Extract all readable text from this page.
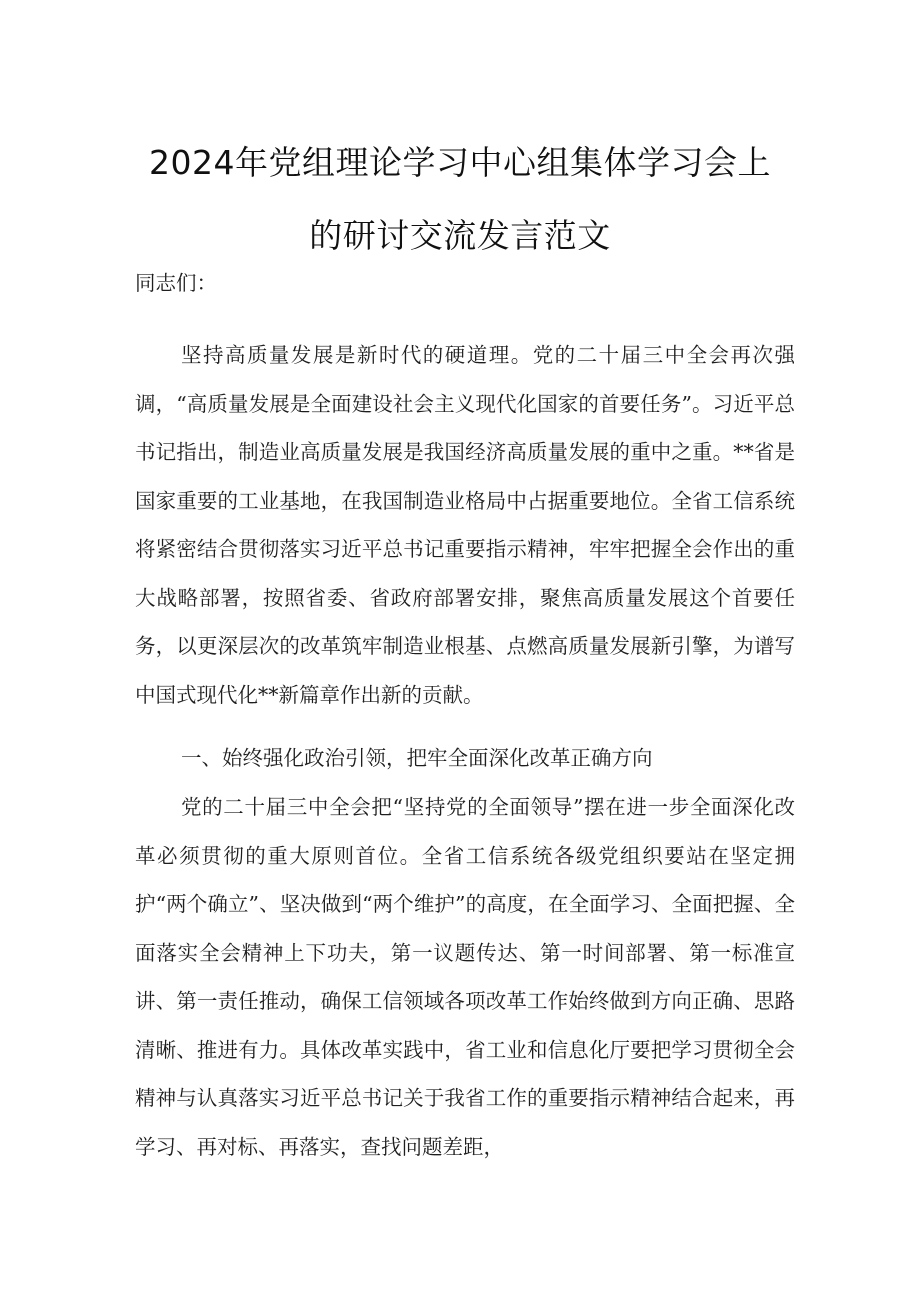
2024年党组理论学习中心组集体学习会上
的研讨交流发言范文
同志们：
坚持高质量发展是新时代的硬道理。党的二十届三中全会再次强调，“高质量发展是全面建设社会主义现代化国家的首要任务”。习近平总书记指出，制造业高质量发展是我国经济高质量发展的重中之重。**省是国家重要的工业基地，在我国制造业格局中占据重要地位。全省工信系统将紧密结合贯彻落实习近平总书记重要指示精神，牢牢把握全会作出的重大战略部署，按照省委、省政府部署安排，聚焦高质量发展这个首要任务，以更深层次的改革筑牢制造业根基、点燃高质量发展新引擎，为谱写中国式现代化**新篇章作出新的贡献。
一、始终强化政治引领，把牢全面深化改革正确方向
党的二十届三中全会把“坚持党的全面领导”摆在进一步全面深化改革必须贯彻的重大原则首位。全省工信系统各级党组织要站在坚定拥护“两个确立”、坚决做到“两个维护”的高度，在全面学习、全面把握、全面落实全会精神上下功夫，第一议题传达、第一时间部署、第一标准宣讲、第一责任推动，确保工信领域各项改革工作始终做到方向正确、思路清晰、推进有力。具体改革实践中，省工业和信息化厅要把学习贯彻全会精神与认真落实习近平总书记关于我省工作的重要指示精神结合起来，再学习、再对标、再落实，查找问题差距，
